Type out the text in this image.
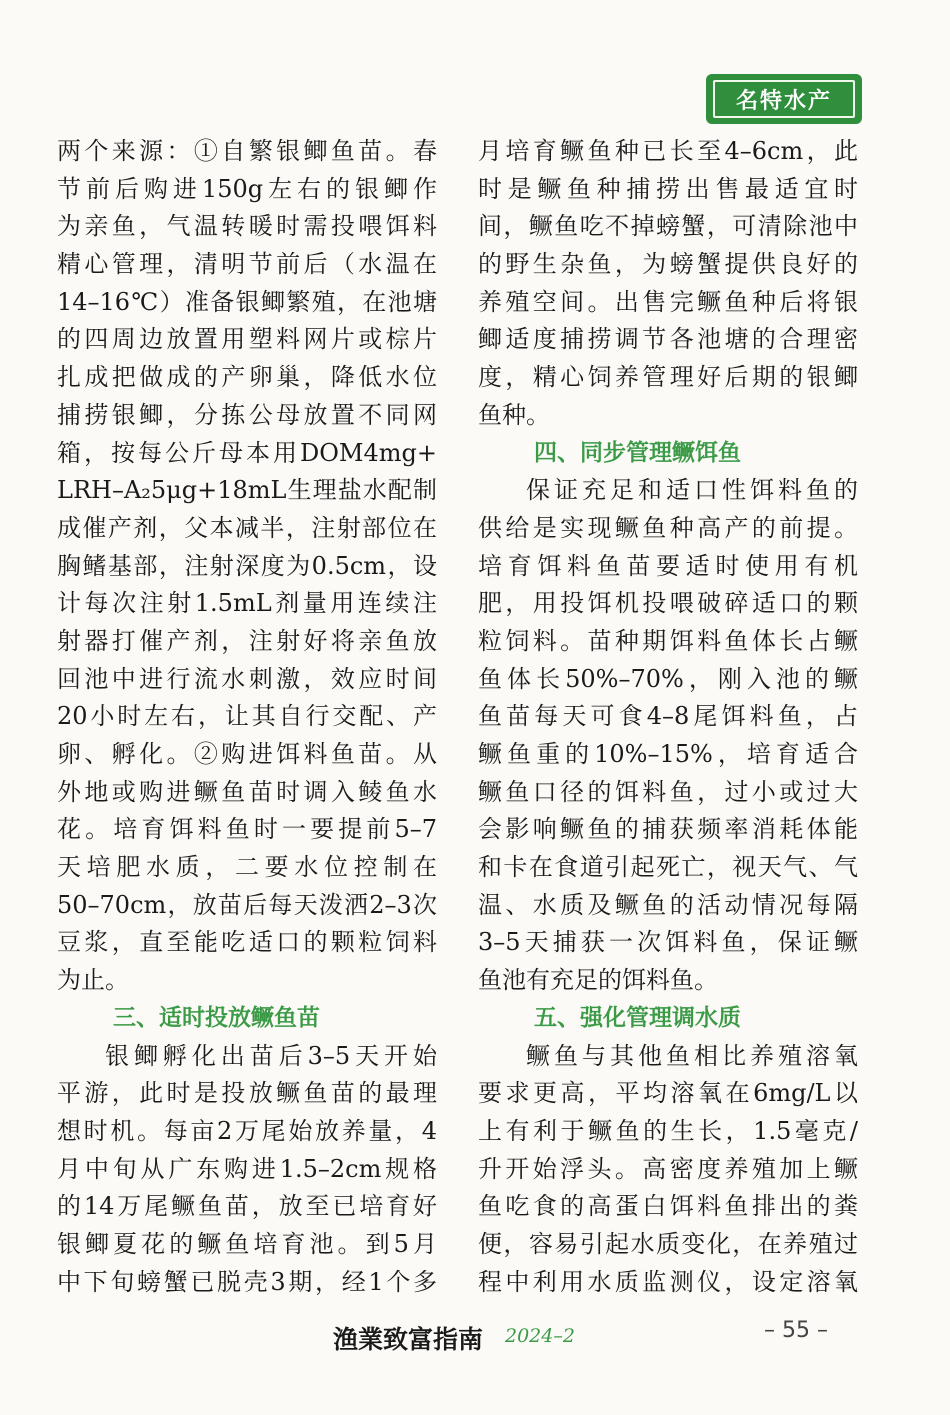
名特水产
两个来源：①自繁银鲫鱼苗。春
节前后购进150g左右的银鲫作
为亲鱼，气温转暖时需投喂饵料
精心管理，清明节前后（水温在
14–16℃）准备银鲫繁殖，在池塘
的四周边放置用塑料网片或棕片
扎成把做成的产卵巢，降低水位
捕捞银鲫，分拣公母放置不同网
箱，按每公斤母本用DOM4mg+
LRH–A₂5μg+18mL生理盐水配制
成催产剂，父本减半，注射部位在
胸鳍基部，注射深度为0.5cm，设
计每次注射1.5mL剂量用连续注
射器打催产剂，注射好将亲鱼放
回池中进行流水刺激，效应时间
20小时左右，让其自行交配、产
卵、孵化。②购进饵料鱼苗。从
外地或购进鳜鱼苗时调入鲮鱼水
花。培育饵料鱼时一要提前5–7
天培肥水质，二要水位控制在
50–70cm，放苗后每天泼洒2–3次
豆浆，直至能吃适口的颗粒饲料
为止。
三、适时投放鳜鱼苗
银鲫孵化出苗后3–5天开始
平游，此时是投放鳜鱼苗的最理
想时机。每亩2万尾始放养量，4
月中旬从广东购进1.5–2cm规格
的14万尾鳜鱼苗，放至已培育好
银鲫夏花的鳜鱼培育池。到5月
中下旬螃蟹已脱壳3期，经1个多
月培育鳜鱼种已长至4–6cm，此
时是鳜鱼种捕捞出售最适宜时
间，鳜鱼吃不掉螃蟹，可清除池中
的野生杂鱼，为螃蟹提供良好的
养殖空间。出售完鳜鱼种后将银
鲫适度捕捞调节各池塘的合理密
度，精心饲养管理好后期的银鲫
鱼种。
四、同步管理鳜饵鱼
保证充足和适口性饵料鱼的
供给是实现鳜鱼种高产的前提。
培育饵料鱼苗要适时使用有机
肥，用投饵机投喂破碎适口的颗
粒饲料。苗种期饵料鱼体长占鳜
鱼体长50%–70%，刚入池的鳜
鱼苗每天可食4–8尾饵料鱼，占
鳜鱼重的10%–15%，培育适合
鳜鱼口径的饵料鱼，过小或过大
会影响鳜鱼的捕获频率消耗体能
和卡在食道引起死亡，视天气、气
温、水质及鳜鱼的活动情况每隔
3–5天捕获一次饵料鱼，保证鳜
鱼池有充足的饵料鱼。
五、强化管理调水质
鳜鱼与其他鱼相比养殖溶氧
要求更高，平均溶氧在6mg/L以
上有利于鳜鱼的生长，1.5毫克/
升开始浮头。高密度养殖加上鳜
鱼吃食的高蛋白饵料鱼排出的粪
便，容易引起水质变化，在养殖过
程中利用水质监测仪，设定溶氧
渔業致富指南 2024–2	– 55 –
